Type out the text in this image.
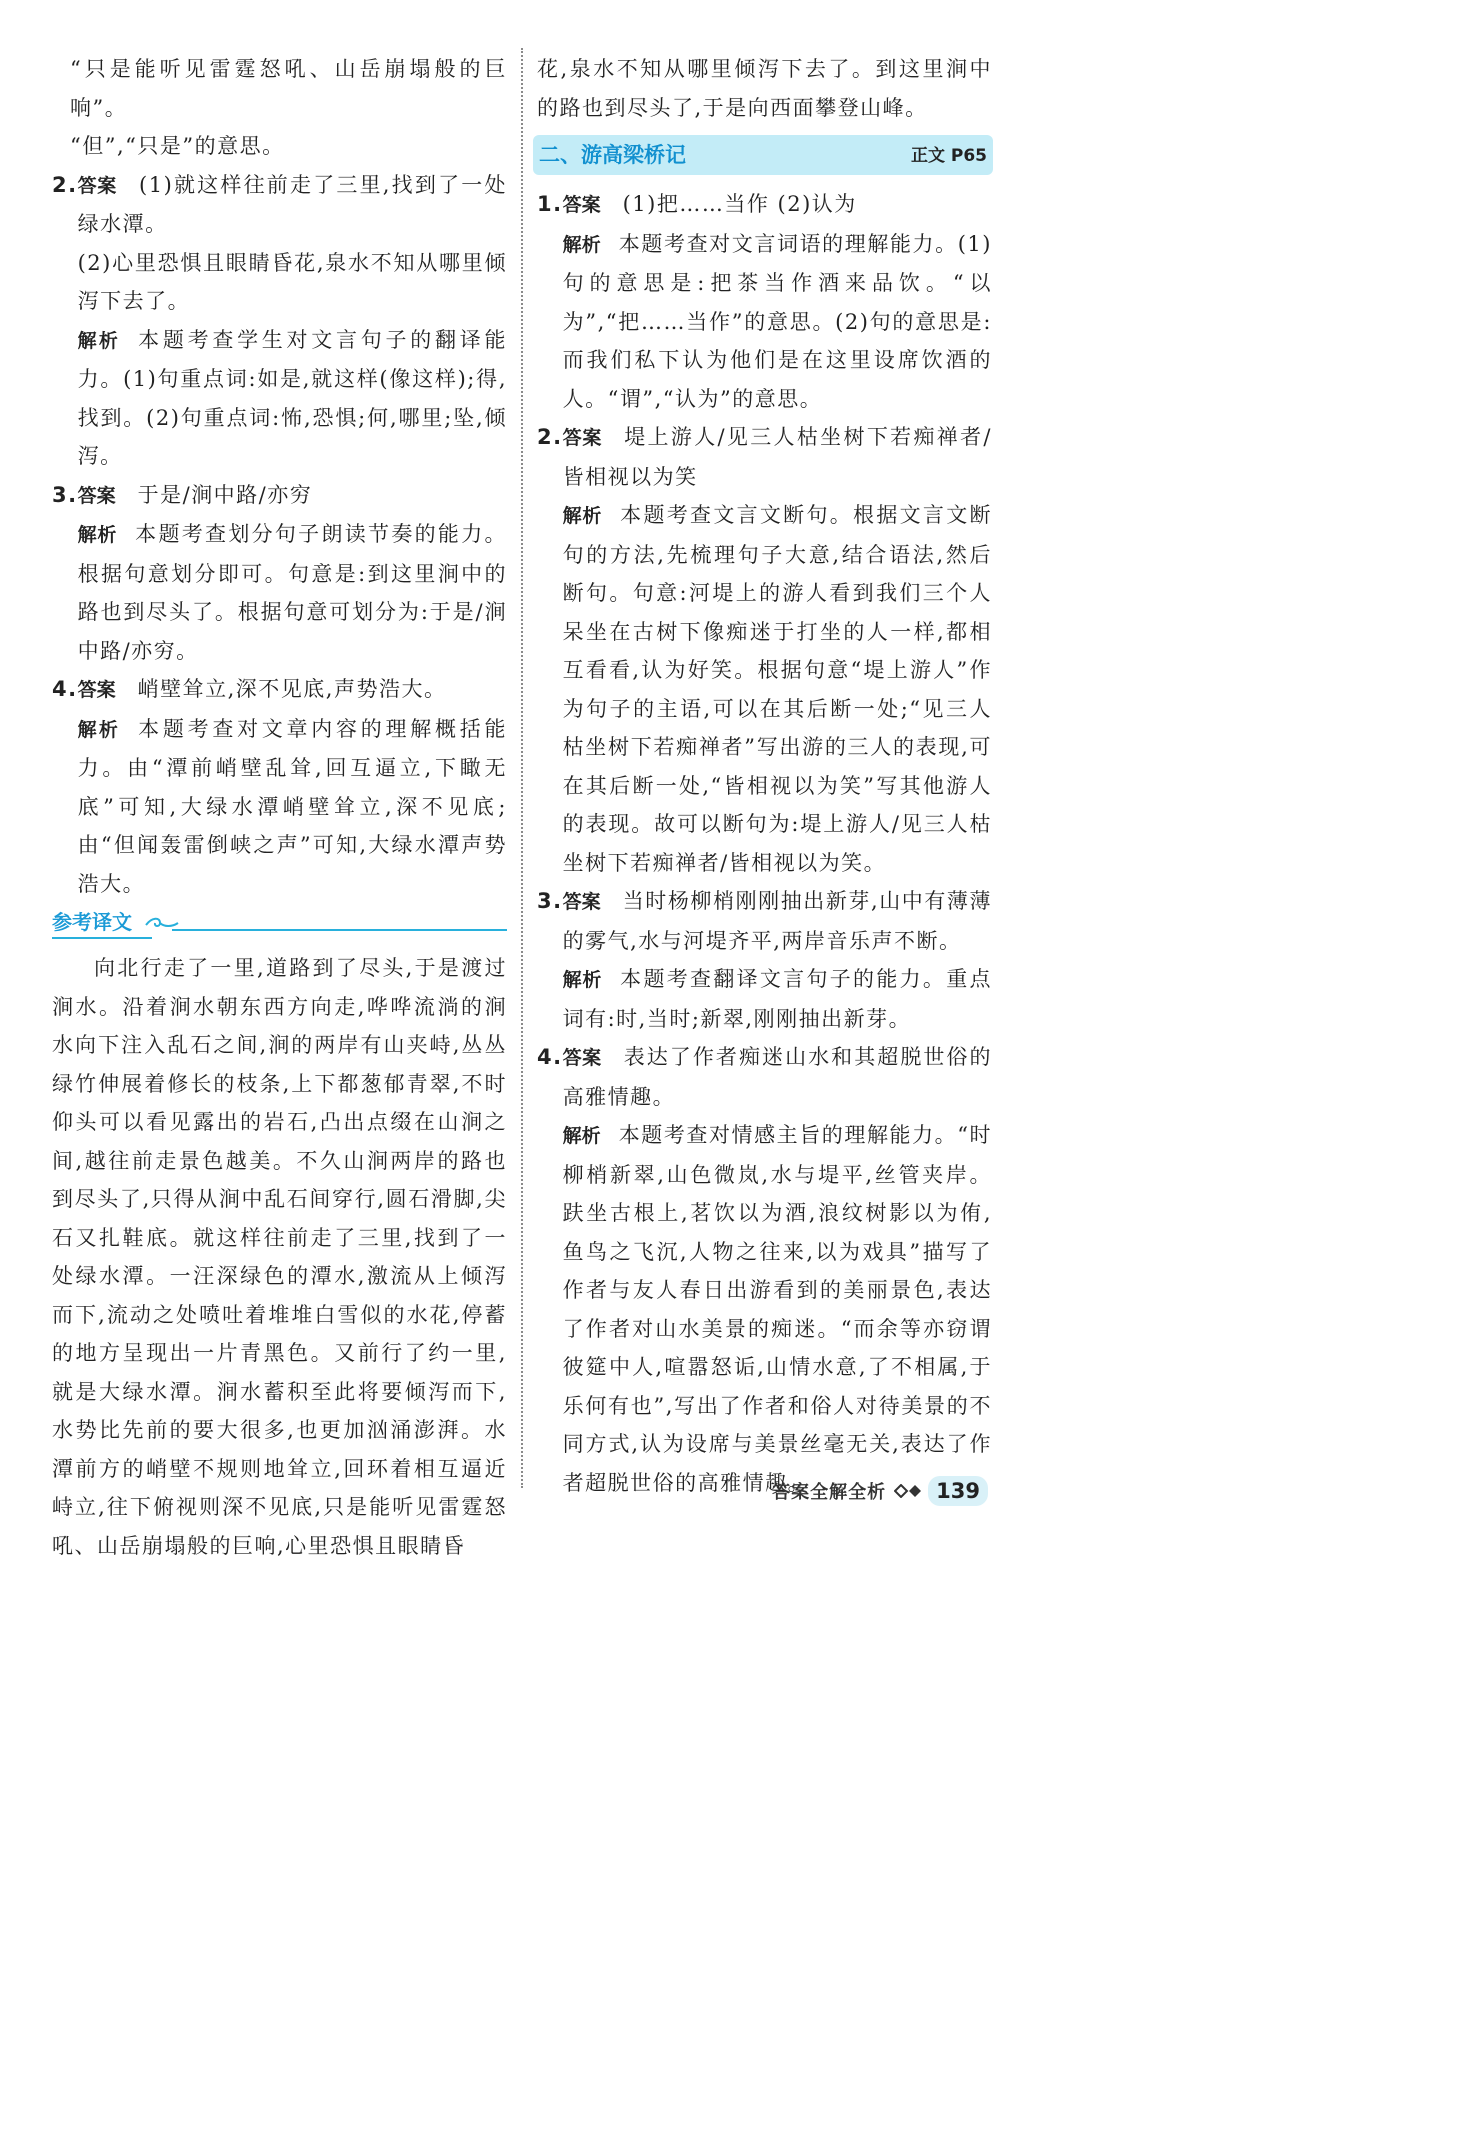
“只是能听见雷霆怒吼、山岳崩塌般的巨响”。

“但”,“只是”的意思。

2. 答案 (1)就这样往前走了三里,找到了一处绿水潭。
(2)心里恐惧且眼睛昏花,泉水不知从哪里倾泻下去了。
解析 本题考查学生对文言句子的翻译能力。(1)句重点词:如是,就这样(像这样);得,找到。(2)句重点词:怖,恐惧;何,哪里;坠,倾泻。
3. 答案 于是/涧中路/亦穷
解析 本题考查划分句子朗读节奏的能力。根据句意划分即可。句意是:到这里涧中的路也到尽头了。根据句意可划分为:于是/涧中路/亦穷。
4. 答案 峭壁耸立,深不见底,声势浩大。
解析 本题考查对文章内容的理解概括能力。由“潭前峭壁乱耸,回互逼立,下瞰无底”可知,大绿水潭峭壁耸立,深不见底;由“但闻轰雷倒峡之声”可知,大绿水潭声势浩大。
参考译文

向北行走了一里,道路到了尽头,于是渡过涧水。沿着涧水朝东西方向走,哗哗流淌的涧水向下注入乱石之间,涧的两岸有山夹峙,丛丛绿竹伸展着修长的枝条,上下都葱郁青翠,不时仰头可以看见露出的岩石,凸出点缀在山涧之间,越往前走景色越美。不久山涧两岸的路也到尽头了,只得从涧中乱石间穿行,圆石滑脚,尖石又扎鞋底。就这样往前走了三里,找到了一处绿水潭。一汪深绿色的潭水,激流从上倾泻而下,流动之处喷吐着堆堆白雪似的水花,停蓄的地方呈现出一片青黑色。又前行了约一里,就是大绿水潭。涧水蓄积至此将要倾泻而下,水势比先前的要大很多,也更加汹涌澎湃。水潭前方的峭壁不规则地耸立,回环着相互逼近峙立,往下俯视则深不见底,只是能听见雷霆怒吼、山岳崩塌般的巨响,心里恐惧且眼睛昏

花,泉水不知从哪里倾泻下去了。到这里涧中的路也到尽头了,于是向西面攀登山峰。

二、游高梁桥记	正文 P65
1. 答案 (1)把……当作 (2)认为
解析 本题考查对文言词语的理解能力。(1)句的意思是:把茶当作酒来品饮。“以为”,“把……当作”的意思。(2)句的意思是:而我们私下认为他们是在这里设席饮酒的人。“谓”,“认为”的意思。
2. 答案 堤上游人/见三人枯坐树下若痴禅者/皆相视以为笑
解析 本题考查文言文断句。根据文言文断句的方法,先梳理句子大意,结合语法,然后断句。句意:河堤上的游人看到我们三个人呆坐在古树下像痴迷于打坐的人一样,都相互看看,认为好笑。根据句意“堤上游人”作为句子的主语,可以在其后断一处;“见三人枯坐树下若痴禅者”写出游的三人的表现,可在其后断一处,“皆相视以为笑”写其他游人的表现。故可以断句为:堤上游人/见三人枯坐树下若痴禅者/皆相视以为笑。
3. 答案 当时杨柳梢刚刚抽出新芽,山中有薄薄的雾气,水与河堤齐平,两岸音乐声不断。
解析 本题考查翻译文言句子的能力。重点词有:时,当时;新翠,刚刚抽出新芽。
4. 答案 表达了作者痴迷山水和其超脱世俗的高雅情趣。
解析 本题考查对情感主旨的理解能力。“时柳梢新翠,山色微岚,水与堤平,丝管夹岸。趺坐古根上,茗饮以为酒,浪纹树影以为侑,鱼鸟之飞沉,人物之往来,以为戏具”描写了作者与友人春日出游看到的美丽景色,表达了作者对山水美景的痴迷。“而余等亦窃谓彼筵中人,喧嚣怒诟,山情水意,了不相属,于乐何有也”,写出了作者和俗人对待美景的不同方式,认为设席与美景丝毫无关,表达了作者超脱世俗的高雅情趣。
答案全解全析	139
